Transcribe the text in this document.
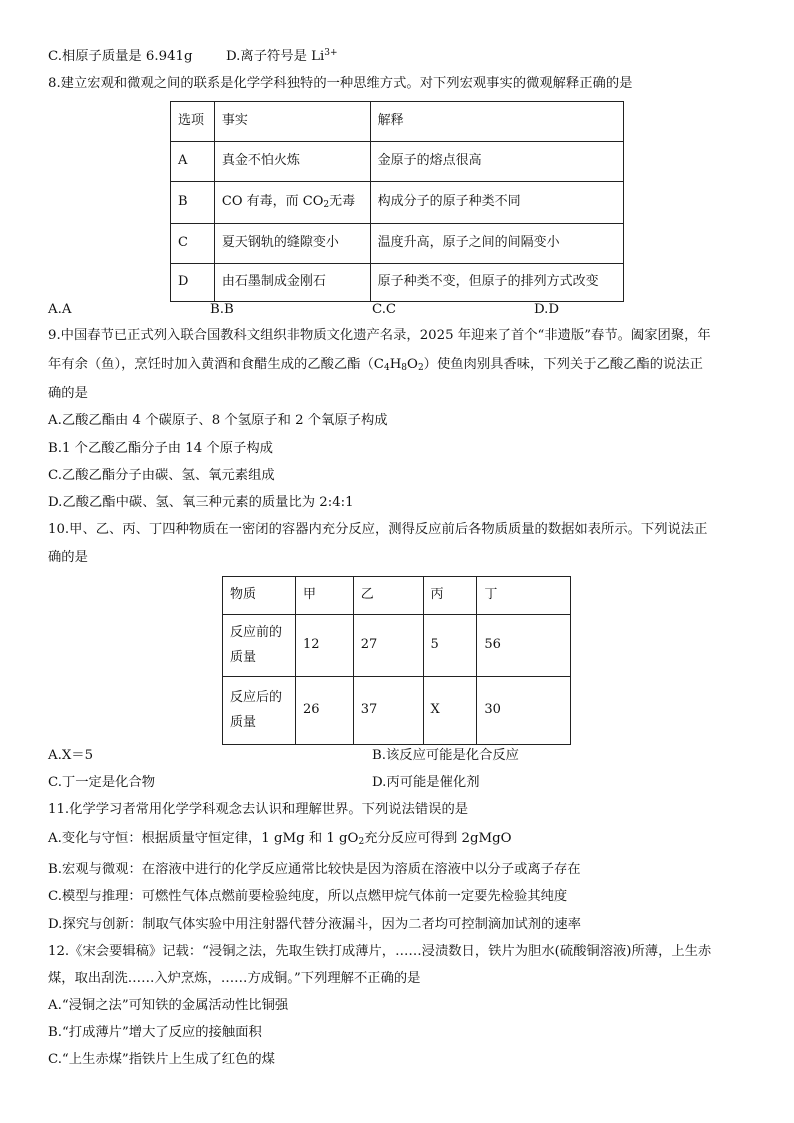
C.相原子质量是 6.941g	D.离子符号是 $Li^{3+}$
8.建立宏观和微观之间的联系是化学学科独特的一种思维方式。对下列宏观事实的微观解释正确的是
选项	事实	解释
A	真金不怕火炼	金原子的熔点很高
B	CO 有毒，而 $CO_2$无毒	构成分子的原子种类不同
C	夏天钢轨的缝隙变小	温度升高，原子之间的间隔变小
D	由石墨制成金刚石	原子种类不变，但原子的排列方式改变
A.A	B.B	C.C	D.D
9.中国春节已正式列入联合国教科文组织非物质文化遗产名录，2025 年迎来了首个“非遗版”春节。阖家团聚，年
年有余（鱼），烹饪时加入黄酒和食醋生成的乙酸乙酯$(C_4H_8O_2)$使鱼肉别具香味，下列关于乙酸乙酯的说法正
确的是
A.乙酸乙酯由 4 个碳原子、8 个氢原子和 2 个氧原子构成
B.1 个乙酸乙酯分子由 14 个原子构成
C.乙酸乙酯分子由碳、氢、氧元素组成
D.乙酸乙酯中碳、氢、氧三种元素的质量比为 2:4:1
10.甲、乙、丙、丁四种物质在一密闭的容器内充分反应，测得反应前后各物质质量的数据如表所示。下列说法正
确的是
物质	甲	乙	丙	丁
反应前的
质量	12	27	5	56
反应后的
质量	26	37	X	30
A.X＝5	B.该反应可能是化合反应
C.丁一定是化合物	D.丙可能是催化剂
11.化学学习者常用化学学科观念去认识和理解世界。下列说法错误的是
A.变化与守恒：根据质量守恒定律，1 gMg 和 1 $gO_2$充分反应可得到 2gMgO
B.宏观与微观：在溶液中进行的化学反应通常比较快是因为溶质在溶液中以分子或离子存在
C.模型与推理：可燃性气体点燃前要检验纯度，所以点燃甲烷气体前一定要先检验其纯度
D.探究与创新：制取气体实验中用注射器代替分液漏斗，因为二者均可控制滴加试剂的速率
12.《宋会要辑稿》记载：“浸铜之法，先取生铁打成薄片，……浸渍数日，铁片为胆水(硫酸铜溶液)所薄，上生赤
煤，取出刮洗……入炉烹炼，……方成铜。”下列理解不正确的是
A.“浸铜之法”可知铁的金属活动性比铜强
B.“打成薄片”增大了反应的接触面积
C.“上生赤煤”指铁片上生成了红色的煤
